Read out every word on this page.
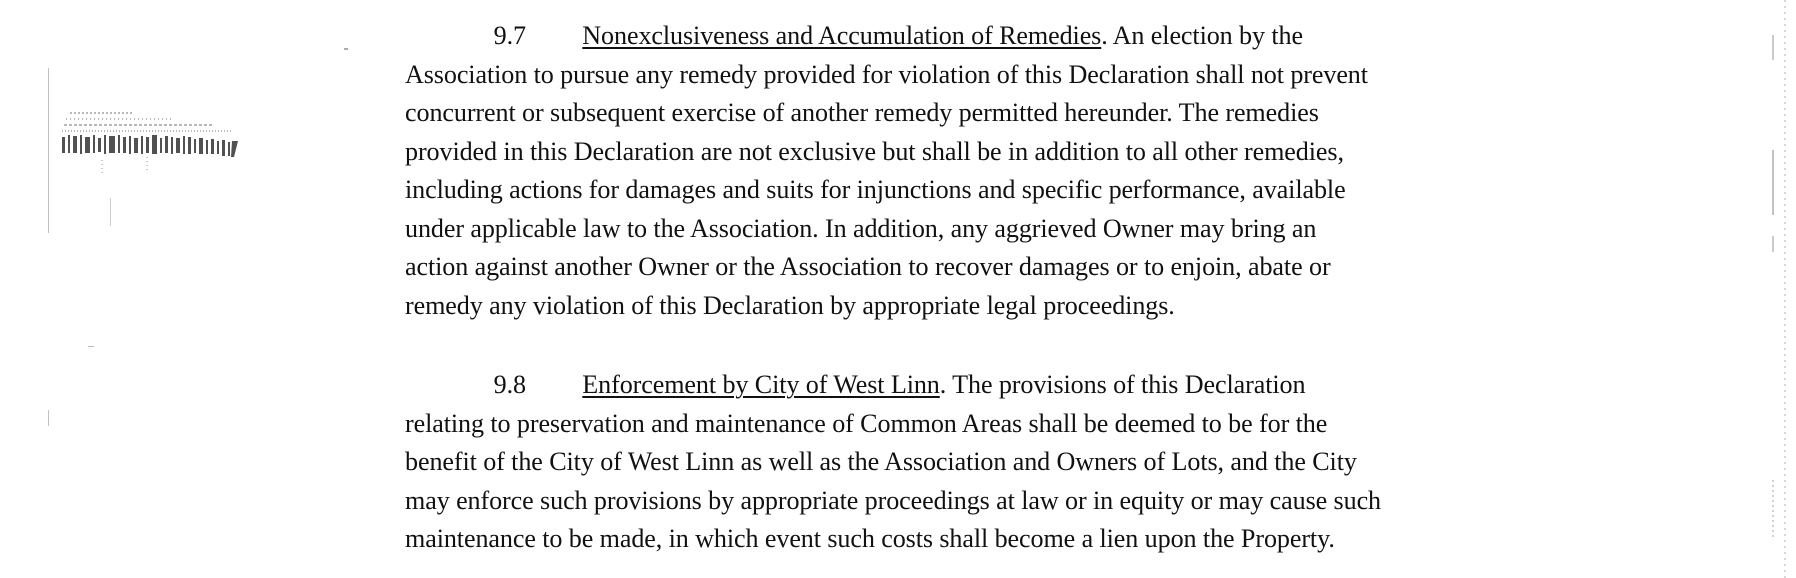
9.7 Nonexclusiveness and Accumulation of Remedies. An election by the
Association to pursue any remedy provided for violation of this Declaration shall not prevent
concurrent or subsequent exercise of another remedy permitted hereunder. The remedies
provided in this Declaration are not exclusive but shall be in addition to all other remedies,
including actions for damages and suits for injunctions and specific performance, available
under applicable law to the Association. In addition, any aggrieved Owner may bring an
action against another Owner or the Association to recover damages or to enjoin, abate or
remedy any violation of this Declaration by appropriate legal proceedings.
9.8 Enforcement by City of West Linn. The provisions of this Declaration
relating to preservation and maintenance of Common Areas shall be deemed to be for the
benefit of the City of West Linn as well as the Association and Owners of Lots, and the City
may enforce such provisions by appropriate proceedings at law or in equity or may cause such
maintenance to be made, in which event such costs shall become a lien upon the Property.
